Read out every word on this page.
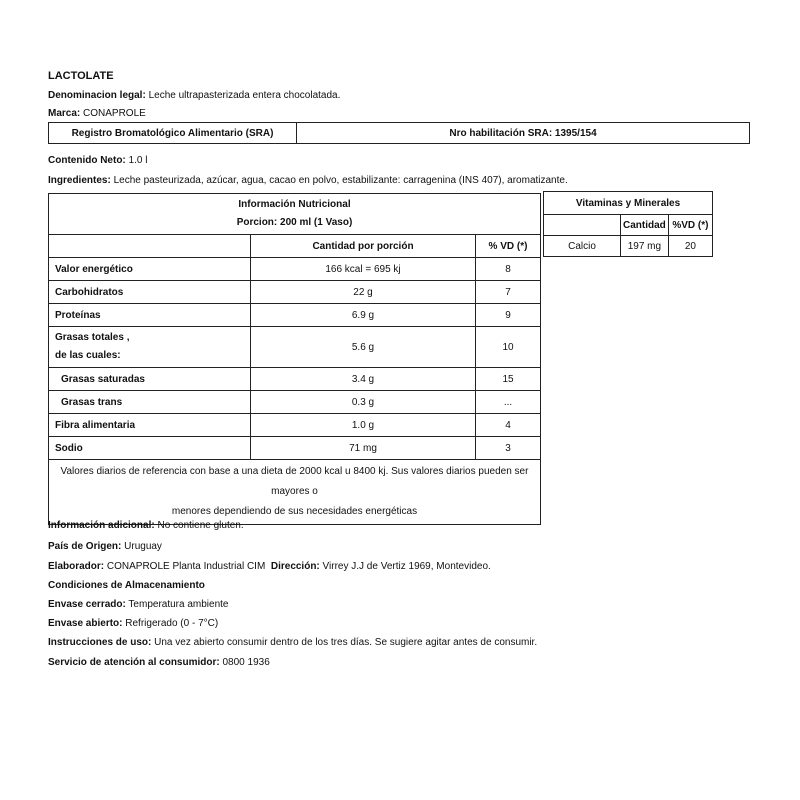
LACTOLATE
Denominacion legal: Leche ultrapasterizada entera chocolatada.
Marca: CONAPROLE
Registro Bromatológico Alimentario (SRA)	Nro habilitación SRA: 1395/154
Contenido Neto: 1.0 l
Ingredientes: Leche pasteurizada, azúcar, agua, cacao en polvo, estabilizante: carragenina (INS 407), aromatizante.
Información Nutricional
Porcion: 200 ml (1 Vaso)		

	Cantidad por porción	% VD (*)
Valor energético	166 kcal = 695 kj	8
Carbohidratos	22 g	7
Proteínas	6.9 g	9

Grasas totales ,
de las cuales:	5.6 g	10
Grasas saturadas	3.4 g	15
Grasas trans	0.3 g	...
Fibra alimentaria	1.0 g	4
Sodio	71 mg	3

Valores diarios de referencia con base a una dieta de 2000 kcal u 8400 kj. Sus valores diarios pueden ser mayores o
menores dependiendo de sus necesidades energéticas		
Vitaminas y Minerales		
	Cantidad	%VD (*)
Calcio	197 mg	20
Información adicional: No contiene gluten.
País de Origen: Uruguay
Elaborador: CONAPROLE Planta Industrial CIM  Dirección: Virrey J.J de Vertiz 1969, Montevideo.
Condiciones de Almacenamiento
Envase cerrado: Temperatura ambiente
Envase abierto: Refrigerado (0 - 7°C)
Instrucciones de uso: Una vez abierto consumir dentro de los tres días. Se sugiere agitar antes de consumir.
Servicio de atención al consumidor: 0800 1936
